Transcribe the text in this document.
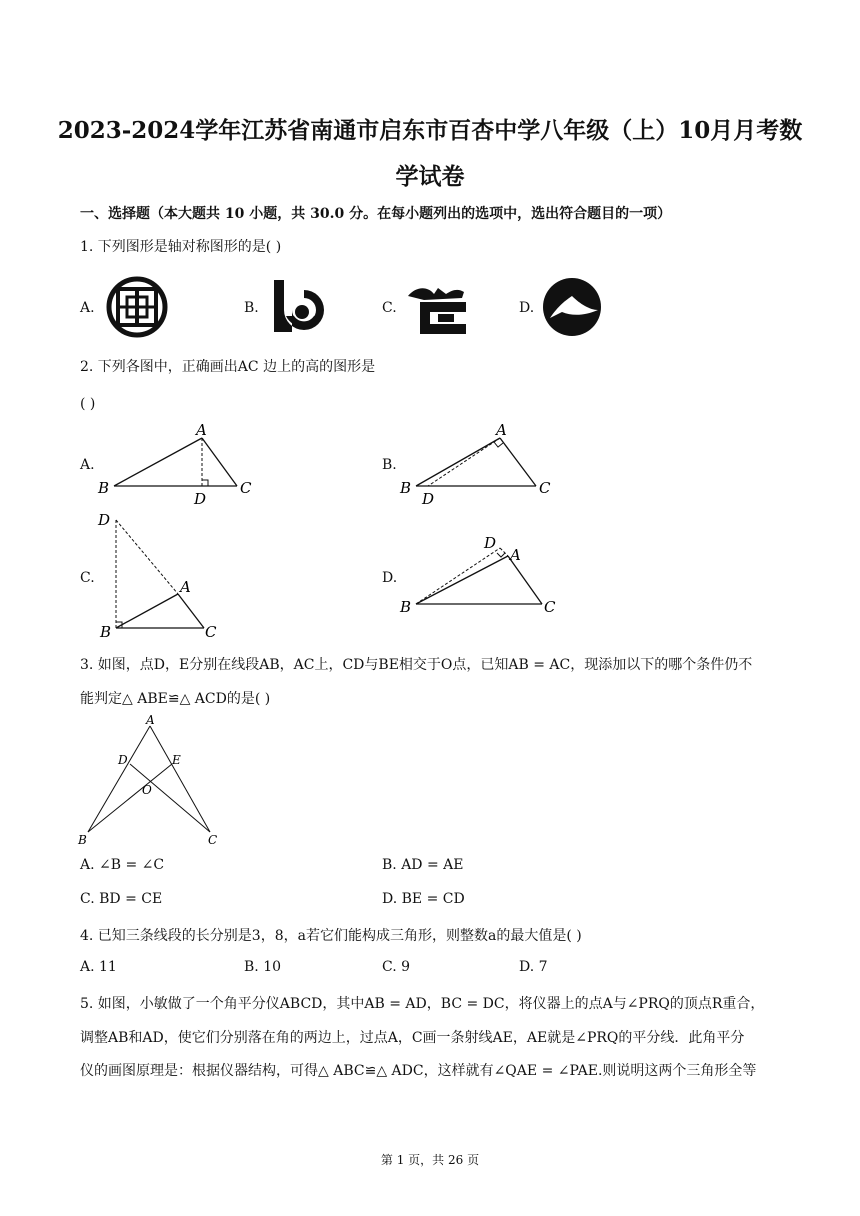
2023-2024学年江苏省南通市启东市百杏中学八年级（上）10月月考数
学试卷
一、选择题（本大题共 10 小题，共 30.0 分。在每小题列出的选项中，选出符合题目的一项）
1. 下列图形是轴对称图形的是( )
A.	B.	C.	D.
2. 下列各图中，正确画出AC 边上的高的图形是
( )
A.
A
B	C
D
B.
A
B	C
D
C.
D
A
B	C
D.
D
A
B	C
3. 如图，点D，E分别在线段AB，AC上，CD与BE相交于O点，已知AB = AC，现添加以下的哪个条件仍不
能判定△ ABE≌△ ACD的是( )
A
D	E
O
B	C
A. ∠B = ∠C	B. AD = AE
C. BD = CE	D. BE = CD
4. 已知三条线段的长分别是3，8，a若它们能构成三角形，则整数a的最大值是( )
A. 11	B. 10	C. 9	D. 7
5. 如图，小敏做了一个角平分仪ABCD，其中AB = AD，BC = DC，将仪器上的点A与∠PRQ的顶点R重合，
调整AB和AD，使它们分别落在角的两边上，过点A，C画一条射线AE，AE就是∠PRQ的平分线．此角平分
仪的画图原理是：根据仪器结构，可得△ ABC≌△ ADC，这样就有∠QAE = ∠PAE.则说明这两个三角形全等
第 1 页，共 26 页
